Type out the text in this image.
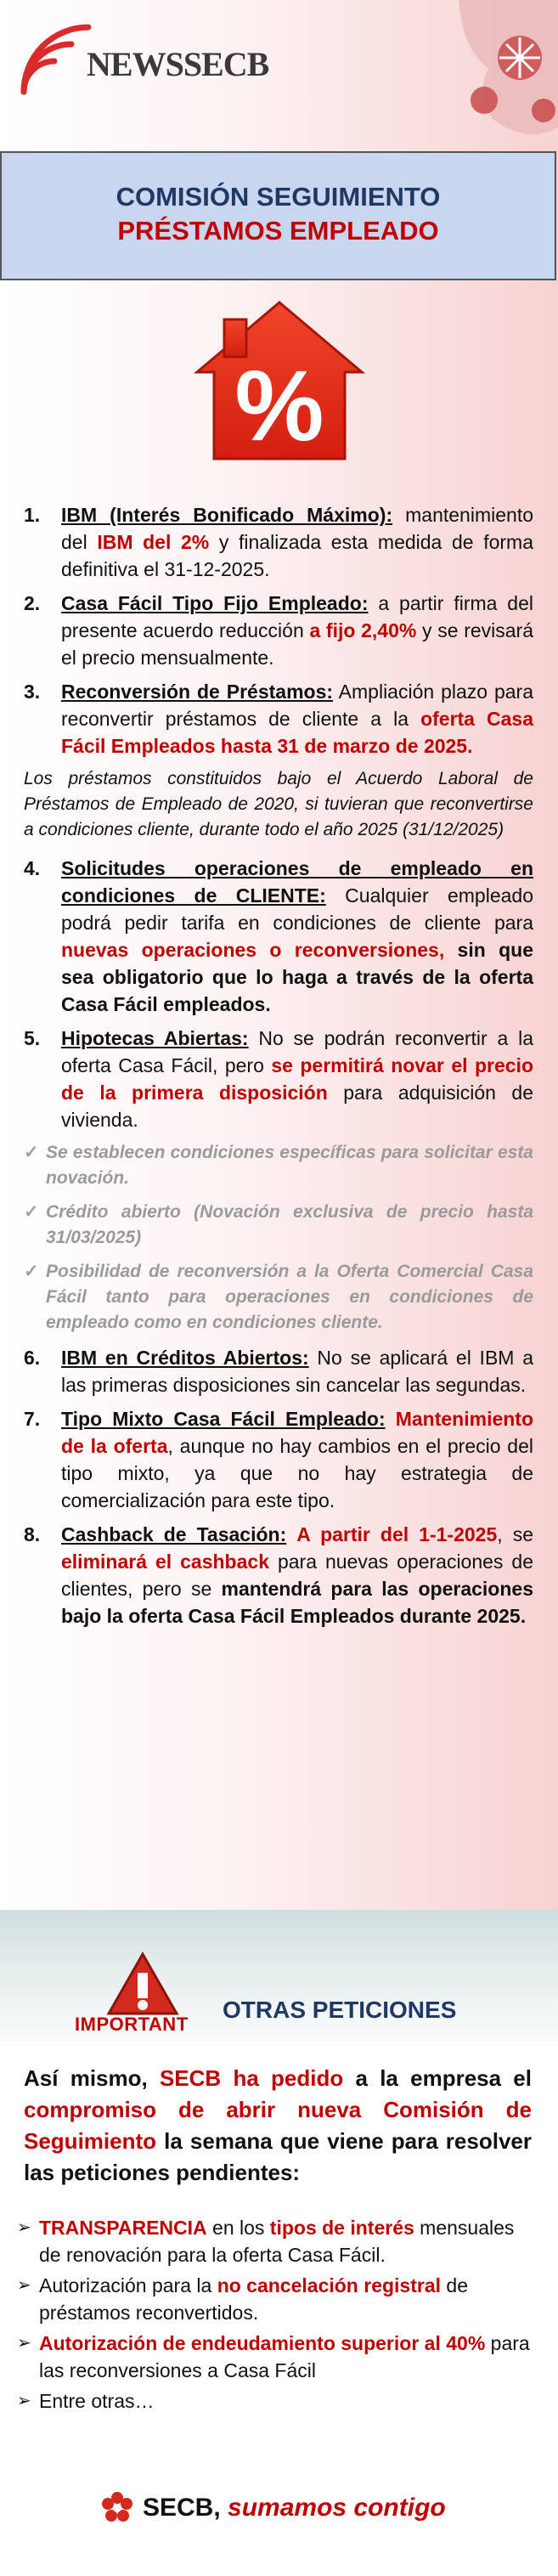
NEWS SECB
COMISIÓN SEGUIMIENTO
PRÉSTAMOS EMPLEADO
%
1.	IBM (Interés Bonificado Máximo): mantenimiento del IBM del 2% y finalizada esta medida de forma definitiva el 31-12-2025.
2.	Casa Fácil Tipo Fijo Empleado: a partir firma del presente acuerdo reducción a fijo 2,40% y se revisará el precio mensualmente.
3.	Reconversión de Préstamos: Ampliación plazo para reconvertir préstamos de cliente a la oferta Casa Fácil Empleados hasta 31 de marzo de 2025.
Los préstamos constituidos bajo el Acuerdo Laboral de Préstamos de Empleado de 2020, si tuvieran que reconvertirse a condiciones cliente, durante todo el año 2025 (31/12/2025)
4.	Solicitudes operaciones de empleado en condiciones de CLIENTE: Cualquier empleado podrá pedir tarifa en condiciones de cliente para nuevas operaciones o reconversiones, sin que sea obligatorio que lo haga a través de la oferta Casa Fácil empleados.
5.	Hipotecas Abiertas: No se podrán reconvertir a la oferta Casa Fácil, pero se permitirá novar el precio de la primera disposición para adquisición de vivienda.
✓ Se establecen condiciones específicas para solicitar esta novación.
✓ Crédito abierto (Novación exclusiva de precio hasta 31/03/2025)
✓ Posibilidad de reconversión a la Oferta Comercial Casa Fácil tanto para operaciones en condiciones de empleado como en condiciones cliente.
6.	IBM en Créditos Abiertos: No se aplicará el IBM a las primeras disposiciones sin cancelar las segundas.
7.	Tipo Mixto Casa Fácil Empleado: Mantenimiento de la oferta, aunque no hay cambios en el precio del tipo mixto, ya que no hay estrategia de comercialización para este tipo.
8.	Cashback de Tasación: A partir del 1-1-2025, se eliminará el cashback para nuevas operaciones de clientes, pero se mantendrá para las operaciones bajo la oferta Casa Fácil Empleados durante 2025.
IMPORTANT
OTRAS PETICIONES
Así mismo, SECB ha pedido a la empresa el compromiso de abrir nueva Comisión de Seguimiento la semana que viene para resolver las peticiones pendientes:
➢ TRANSPARENCIA en los tipos de interés mensuales de renovación para la oferta Casa Fácil.
➢ Autorización para la no cancelación registral de préstamos reconvertidos.
➢ Autorización de endeudamiento superior al 40% para las reconversiones a Casa Fácil
➢ Entre otras…
SECB, sumamos contigo
